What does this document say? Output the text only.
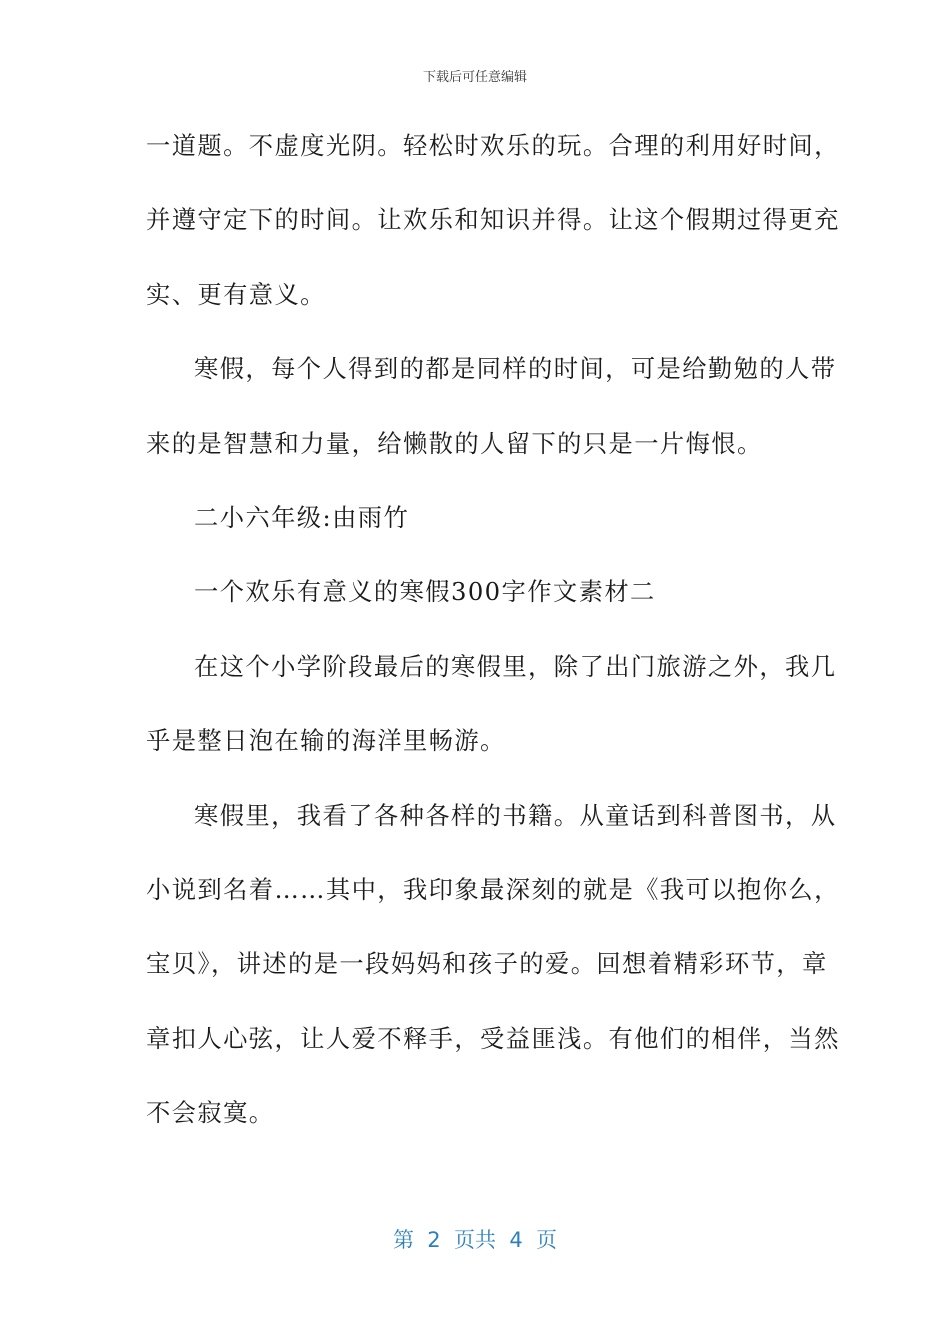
下载后可任意编辑
一道题。不虚度光阴。轻松时欢乐的玩。合理的利用好时间，
并遵守定下的时间。让欢乐和知识并得。让这个假期过得更充
实、更有意义。
寒假，每个人得到的都是同样的时间，可是给勤勉的人带
来的是智慧和力量，给懒散的人留下的只是一片悔恨。
二小六年级:由雨竹
一个欢乐有意义的寒假300字作文素材二
在这个小学阶段最后的寒假里，除了出门旅游之外，我几
乎是整日泡在输的海洋里畅游。
寒假里，我看了各种各样的书籍。从童话到科普图书，从
小说到名着……其中，我印象最深刻的就是《我可以抱你么，
宝贝》，讲述的是一段妈妈和孩子的爱。回想着精彩环节，章
章扣人心弦，让人爱不释手，受益匪浅。有他们的相伴，当然
不会寂寞。
第  2  页共  4  页
